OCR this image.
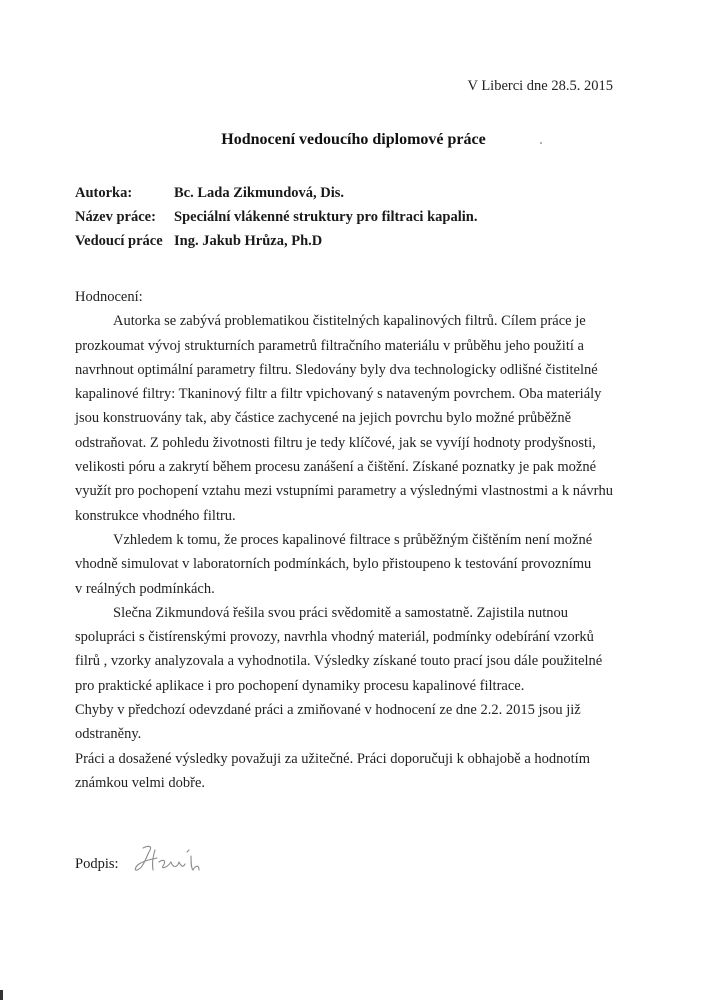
V Liberci dne 28.5. 2015
Hodnocení vedoucího diplomové práce
Autorka:	Bc. Lada Zikmundová, Dis.
Název práce:	Speciální vlákenné struktury pro filtraci kapalin.
Vedoucí práce Ing. Jakub Hrůza, Ph.D

Hodnocení:

Autorka se zabývá problematikou čistitelných kapalinových filtrů. Cílem práce je
prozkoumat vývoj strukturních parametrů filtračního materiálu v průběhu jeho použití a
navrhnout optimální parametry filtru. Sledovány byly dva technologicky odlišné čistitelné
kapalinové filtry: Tkaninový filtr a filtr vpichovaný s nataveným povrchem. Oba materiály
jsou konstruovány tak, aby částice zachycené na jejich povrchu bylo možné průběžně
odstraňovat. Z pohledu životnosti filtru je tedy klíčové, jak se vyvíjí hodnoty prodyšnosti,
velikosti póru a zakrytí během procesu zanášení a čištění. Získané poznatky je pak možné
využít pro pochopení vztahu mezi vstupními parametry a výslednými vlastnostmi a k návrhu
konstrukce vhodného filtru.

Vzhledem k tomu, že proces kapalinové filtrace s průběžným čištěním není možné
vhodně simulovat v laboratorních podmínkách, bylo přistoupeno k testování provoznímu
v reálných podmínkách.

Slečna Zikmundová řešila svou práci svědomitě a samostatně. Zajistila nutnou
spolupráci s čistírenskými provozy, navrhla vhodný materiál, podmínky odebírání vzorků
filrů , vzorky analyzovala a vyhodnotila. Výsledky získané touto prací jsou dále použitelné
pro praktické aplikace i pro pochopení dynamiky procesu kapalinové filtrace.

Chyby v předchozí odevzdané práci a zmiňované v hodnocení ze dne 2.2. 2015 jsou již
odstraněny.

Práci a dosažené výsledky považuji za užitečné. Práci doporučuji k obhajobě a hodnotím
známkou velmi dobře.

Podpis:
